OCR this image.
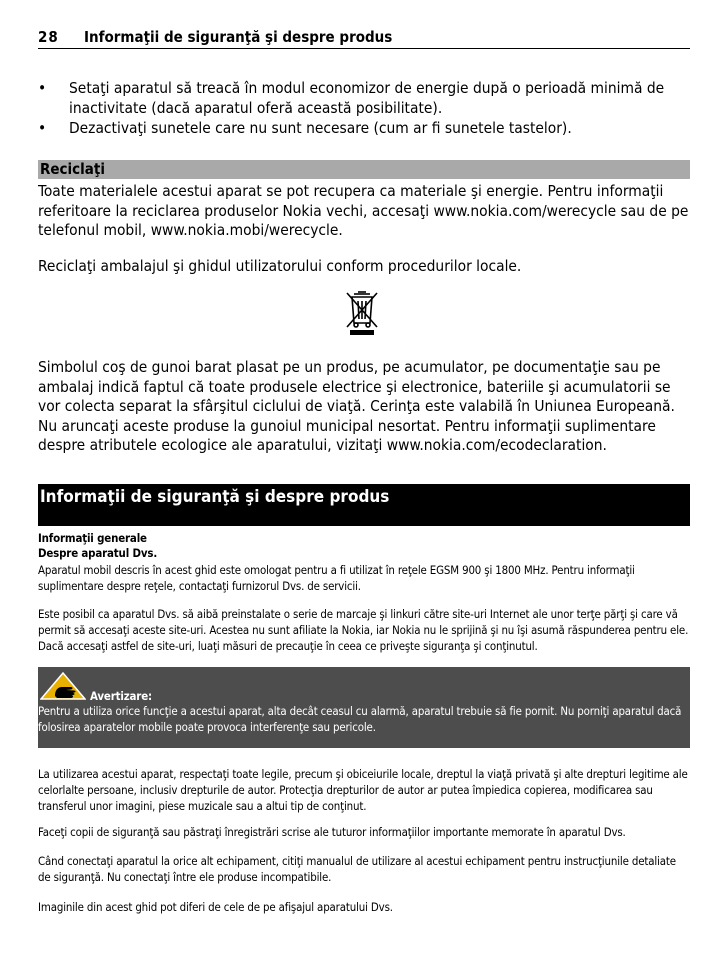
28 Informaţii de siguranţă şi despre produs
• Setaţi aparatul să treacă în modul economizor de energie după o perioadă minimă de inactivitate (dacă aparatul oferă această posibilitate).
• Dezactivaţi sunetele care nu sunt necesare (cum ar fi sunetele tastelor).
Reciclaţi

Toate materialele acestui aparat se pot recupera ca materiale şi energie. Pentru informaţii referitoare la reciclarea produselor Nokia vechi, accesaţi www.nokia.com/werecycle sau de pe telefonul mobil, www.nokia.mobi/werecycle.

Reciclaţi ambalajul şi ghidul utilizatorului conform procedurilor locale.

Simbolul coş de gunoi barat plasat pe un produs, pe acumulator, pe documentaţie sau pe ambalaj indică faptul că toate produsele electrice şi electronice, bateriile şi acumulatorii se vor colecta separat la sfârşitul ciclului de viaţă. Cerinţa este valabilă în Uniunea Europeană. Nu aruncaţi aceste produse la gunoiul municipal nesortat. Pentru informaţii suplimentare despre atributele ecologice ale aparatului, vizitaţi www.nokia.com/ecodeclaration.

Informaţii de siguranţă şi despre produs

Informaţii generale

Despre aparatul Dvs.

Aparatul mobil descris în acest ghid este omologat pentru a fi utilizat în reţele EGSM 900 şi 1800 MHz. Pentru informaţii suplimentare despre reţele, contactaţi furnizorul Dvs. de servicii.

Este posibil ca aparatul Dvs. să aibă preinstalate o serie de marcaje şi linkuri către site-uri Internet ale unor terţe părţi şi care vă permit să accesaţi aceste site-uri. Acestea nu sunt afiliate la Nokia, iar Nokia nu le sprijină şi nu îşi asumă răspunderea pentru ele. Dacă accesaţi astfel de site-uri, luaţi măsuri de precauţie în ceea ce priveşte siguranţa şi conţinutul.

Avertizare:

Pentru a utiliza orice funcţie a acestui aparat, alta decât ceasul cu alarmă, aparatul trebuie să fie pornit. Nu porniţi aparatul dacă folosirea aparatelor mobile poate provoca interferenţe sau pericole.

La utilizarea acestui aparat, respectaţi toate legile, precum şi obiceiurile locale, dreptul la viaţă privată şi alte drepturi legitime ale celorlalte persoane, inclusiv drepturile de autor. Protecţia drepturilor de autor ar putea împiedica copierea, modificarea sau transferul unor imagini, piese muzicale sau a altui tip de conţinut.

Faceţi copii de siguranţă sau păstraţi înregistrări scrise ale tuturor informaţiilor importante memorate în aparatul Dvs.

Când conectaţi aparatul la orice alt echipament, citiţi manualul de utilizare al acestui echipament pentru instrucţiunile detaliate de siguranţă. Nu conectaţi între ele produse incompatibile.

Imaginile din acest ghid pot diferi de cele de pe afişajul aparatului Dvs.
